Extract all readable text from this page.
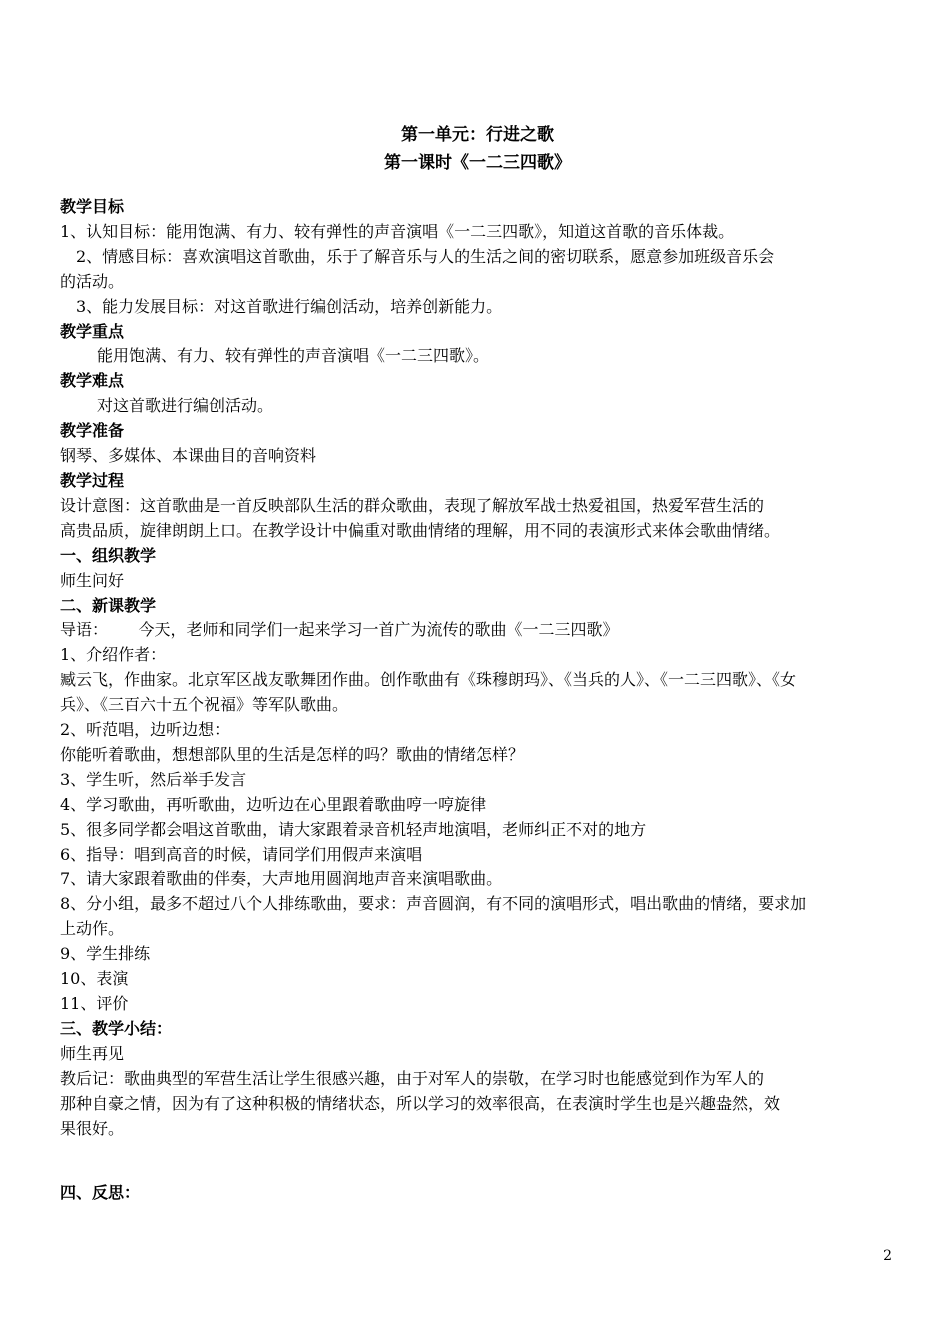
第一单元：行进之歌
第一课时《一二三四歌》
教学目标
1、认知目标：能用饱满、有力、较有弹性的声音演唱《一二三四歌》，知道这首歌的音乐体裁。
2、情感目标：喜欢演唱这首歌曲，乐于了解音乐与人的生活之间的密切联系，愿意参加班级音乐会
的活动。
3、能力发展目标：对这首歌进行编创活动，培养创新能力。
教学重点
能用饱满、有力、较有弹性的声音演唱《一二三四歌》。
教学难点
对这首歌进行编创活动。
教学准备
钢琴、多媒体、本课曲目的音响资料
教学过程
设计意图：这首歌曲是一首反映部队生活的群众歌曲，表现了解放军战士热爱祖国，热爱军营生活的
高贵品质，旋律朗朗上口。在教学设计中偏重对歌曲情绪的理解，用不同的表演形式来体会歌曲情绪。
一、组织教学
师生问好
二、新课教学
导语：      今天，老师和同学们一起来学习一首广为流传的歌曲《一二三四歌》
1、介绍作者：
臧云飞，作曲家。北京军区战友歌舞团作曲。创作歌曲有《珠穆朗玛》、《当兵的人》、《一二三四歌》、《女
兵》、《三百六十五个祝福》等军队歌曲。
2、听范唱，边听边想：
你能听着歌曲，想想部队里的生活是怎样的吗？歌曲的情绪怎样？
3、学生听，然后举手发言
4、学习歌曲，再听歌曲，边听边在心里跟着歌曲哼一哼旋律
5、很多同学都会唱这首歌曲，请大家跟着录音机轻声地演唱，老师纠正不对的地方
6、指导：唱到高音的时候，请同学们用假声来演唱
7、请大家跟着歌曲的伴奏，大声地用圆润地声音来演唱歌曲。
8、分小组，最多不超过八个人排练歌曲，要求：声音圆润，有不同的演唱形式，唱出歌曲的情绪，要求加
上动作。
9、学生排练
10、表演
11、评价
三、教学小结：
师生再见
教后记：歌曲典型的军营生活让学生很感兴趣，由于对军人的崇敬，在学习时也能感觉到作为军人的
那种自豪之情，因为有了这种积极的情绪状态，所以学习的效率很高，在表演时学生也是兴趣盎然，效
果很好。
四、反思：
2
